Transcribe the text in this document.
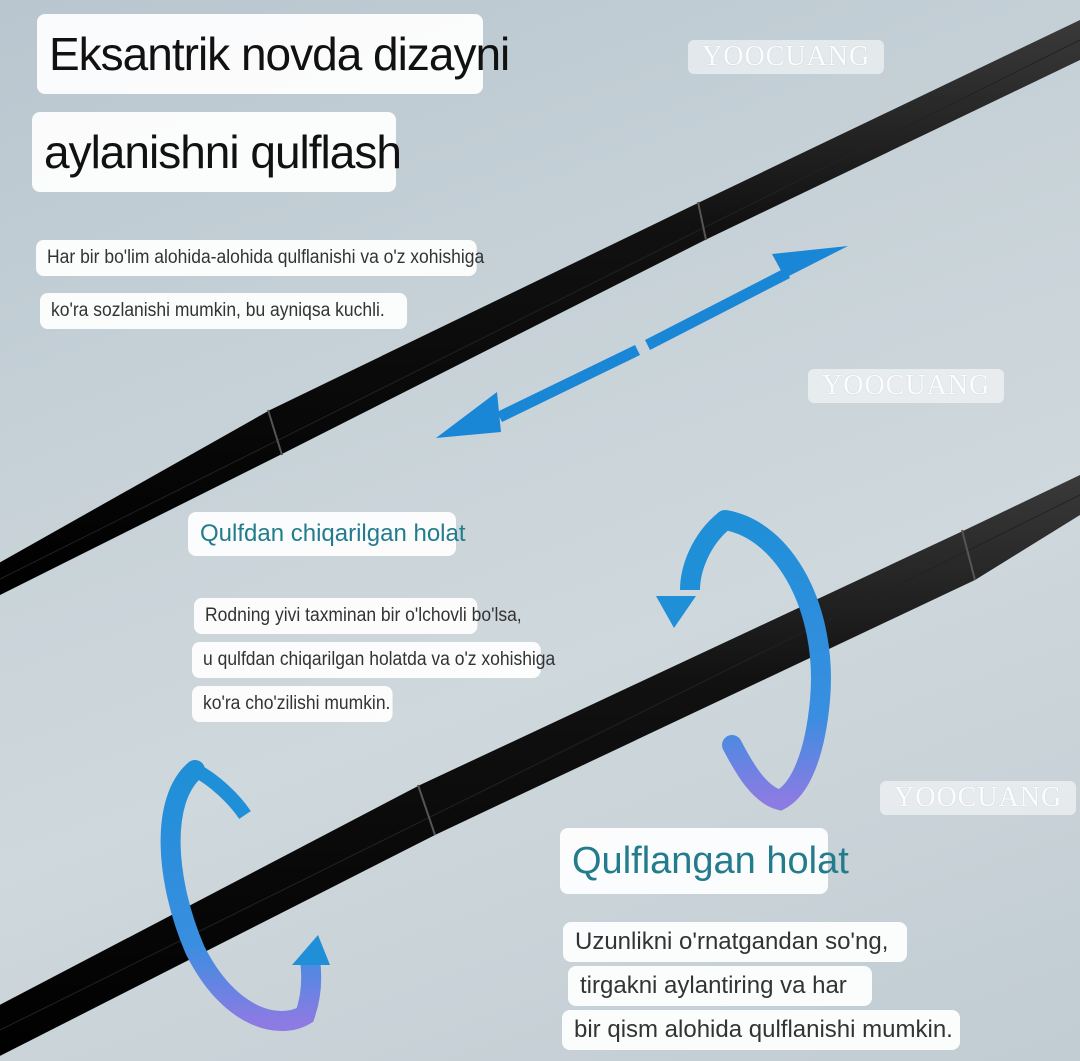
Eksantrik novda dizayni
aylanishni qulflash
Har bir bo'lim alohida-alohida qulflanishi va o'z xohishiga
ko'ra sozlanishi mumkin, bu ayniqsa kuchli.
Qulfdan chiqarilgan holat
Rodning yivi taxminan bir o'lchovli bo'lsa,
u qulfdan chiqarilgan holatda va o'z xohishiga
ko'ra cho'zilishi mumkin.
Qulflangan holat
Uzunlikni o'rnatgandan so'ng,
tirgakni aylantiring va har
bir qism alohida qulflanishi mumkin.
YOOCUANG
YOOCUANG
YOOCUANG
